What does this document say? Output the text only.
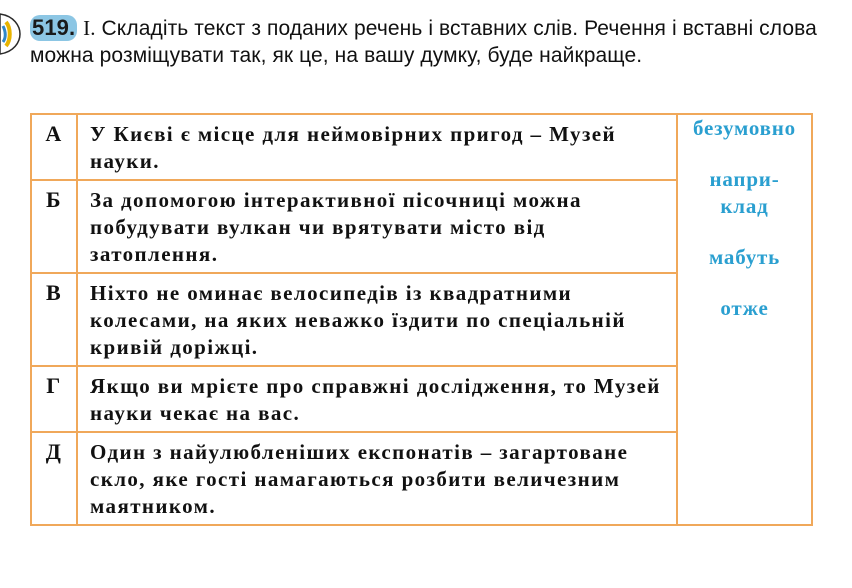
519. І. Складіть текст з поданих речень і вставних слів. Речення і вставні слова можна розміщувати так, як це, на вашу думку, буде найкраще.
А	У Києві є місце для неймовірних пригод – Музей науки.	безумовно
напри-
клад
мабуть
отже

Б	За допомогою інтерактивної пісочниці можна побудувати вулкан чи врятувати місто від затоплення.	
В	Ніхто не оминає велосипедів із квадратними колесами, на яких неважко їздити по спеціальній кривій доріжці.	
Г	Якщо ви мрієте про справжні дослідження, то Музей науки чекає на вас.	
Д	Один з найулюбленіших експонатів – загартоване скло, яке гості намагаються розбити величезним маятником.	
